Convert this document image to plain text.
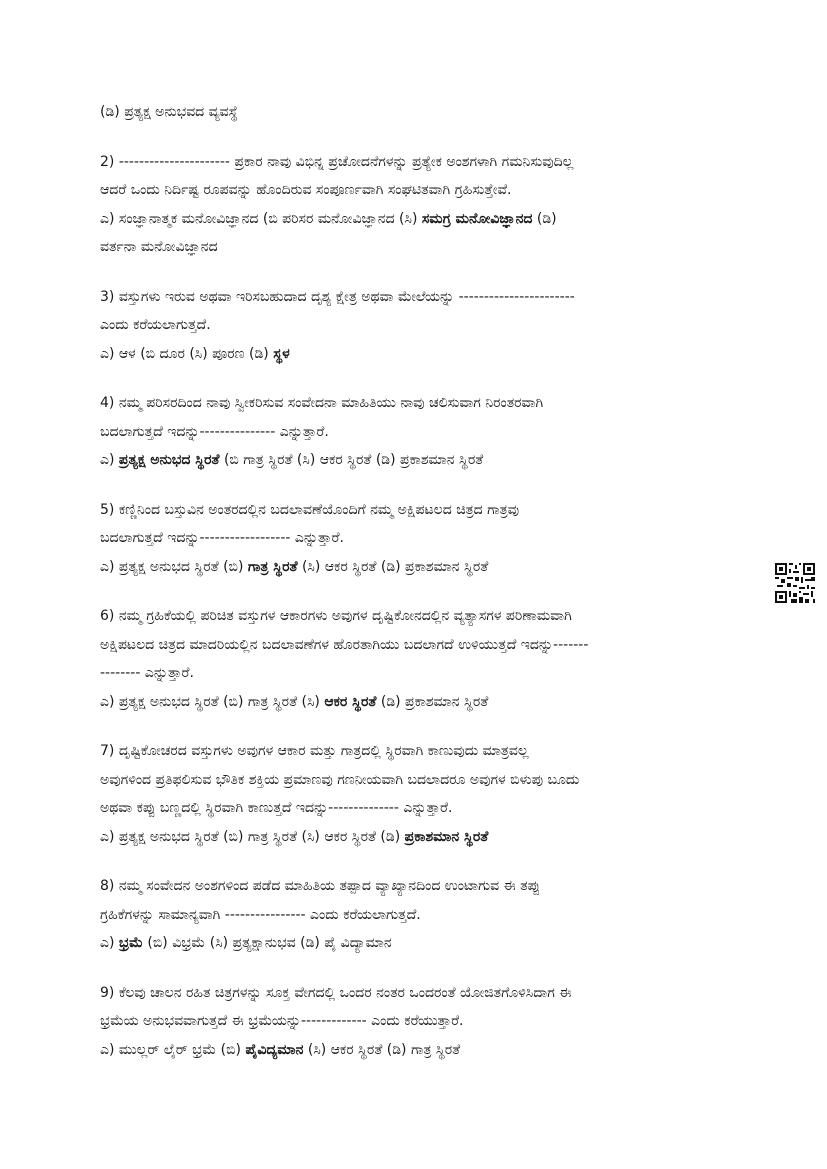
(ಡಿ) ಪ್ರತ್ಯಕ್ಷ ಅನುಭವದ ವ್ಯವಸ್ಥೆ
2) ---------------------- ಪ್ರಕಾರ ನಾವು ವಿಭಿನ್ನ ಪ್ರಚೋದನೆಗಳನ್ನು ಪ್ರತ್ಯೇಕ ಅಂಶಗಳಾಗಿ ಗಮನಿಸುವುದಿಲ್ಲ
ಆದರೆ ಒಂದು ನಿರ್ದಿಷ್ಟ ರೂಪವನ್ನು ಹೊಂದಿರುವ ಸಂಪೂರ್ಣವಾಗಿ ಸಂಘಟಿತವಾಗಿ ಗ್ರಹಿಸುತ್ತೇವೆ.
ಎ) ಸಂಜ್ಞಾನಾತ್ಮಕ ಮನೋವಿಜ್ಞಾನದ (ಬಿ ಪರಿಸರ ಮನೋವಿಜ್ಞಾನದ (ಸಿ) ಸಮಗ್ರ ಮನೋವಿಜ್ಞಾನದ (ಡಿ)
ವರ್ತನಾ ಮನೋವಿಜ್ಞಾನದ
3) ವಸ್ತುಗಳು ಇರುವ ಅಥವಾ ಇರಿಸಬಹುದಾದ ದೃಶ್ಯ ಕ್ಷೇತ್ರ ಅಥವಾ ಮೇಲೆಯನ್ನು -----------------------
ಎಂದು ಕರೆಯಲಾಗುತ್ತದೆ.
ಎ) ಆಳ (ಬಿ ದೂರ (ಸಿ) ಪೂರಣ (ಡಿ) ಸ್ಥಳ
4) ನಮ್ಮ ಪರಿಸರದಿಂದ ನಾವು ಸ್ವೀಕರಿಸುವ ಸಂವೇದನಾ ಮಾಹಿತಿಯು ನಾವು ಚಲಿಸುವಾಗ ನಿರಂತರವಾಗಿ
ಬದಲಾಗುತ್ತದೆ ಇದನ್ನು--------------- ಎನ್ನುತ್ತಾರೆ.
ಎ) ಪ್ರತ್ಯಕ್ಷ ಅನುಭದ ಸ್ಥಿರತೆ (ಬಿ ಗಾತ್ರ ಸ್ಥಿರತೆ (ಸಿ) ಆಕರ ಸ್ಥಿರತೆ (ಡಿ) ಪ್ರಕಾಶಮಾನ ಸ್ಥಿರತೆ
5) ಕಣ್ಣಿನಿಂದ ಬಸ್ತುವಿನ ಅಂತರದಲ್ಲಿನ ಬದಲಾವಣೆಯೊಂದಿಗೆ ನಮ್ಮ ಅಕ್ಷಿಪಟಲದ ಚಿತ್ರದ ಗಾತ್ರವು
ಬದಲಾಗುತ್ತದೆ ಇದನ್ನು------------------ ಎನ್ನುತ್ತಾರೆ.
ಎ) ಪ್ರತ್ಯಕ್ಷ ಅನುಭದ ಸ್ಥಿರತೆ (ಬಿ) ಗಾತ್ರ ಸ್ಥಿರತೆ (ಸಿ) ಆಕರ ಸ್ಥಿರತೆ (ಡಿ) ಪ್ರಕಾಶಮಾನ ಸ್ಥಿರತೆ
6) ನಮ್ಮ ಗ್ರಹಿಕೆಯಲ್ಲಿ ಪರಿಚಿತ ವಸ್ತುಗಳ ಆಕಾರಗಳು ಅವುಗಳ ದೃಷ್ಟಿಕೋನದಲ್ಲಿನ ವ್ಯತ್ಯಾಸಗಳ ಪರಿಣಾಮವಾಗಿ
ಅಕ್ಷಿಪಟಲದ ಚಿತ್ರದ ಮಾದರಿಯಲ್ಲಿನ ಬದಲಾವಣೆಗಳ ಹೊರತಾಗಿಯು ಬದಲಾಗದೆ ಉಳಿಯುತ್ತದೆ ಇದನ್ನು-------
-------- ಎನ್ನುತ್ತಾರೆ.
ಎ) ಪ್ರತ್ಯಕ್ಷ ಅನುಭದ ಸ್ಥಿರತೆ (ಬಿ) ಗಾತ್ರ ಸ್ಥಿರತೆ (ಸಿ) ಆಕರ ಸ್ಥಿರತೆ (ಡಿ) ಪ್ರಕಾಶಮಾನ ಸ್ಥಿರತೆ
7) ದೃಷ್ಟಿಕೋಚರದ ವಸ್ತುಗಳು ಅವುಗಳ ಆಕಾರ ಮತ್ತು ಗಾತ್ರದಲ್ಲಿ ಸ್ಥಿರವಾಗಿ ಕಾಣುವುದು ಮಾತ್ರವಲ್ಲ
ಅವುಗಳಿಂದ ಪ್ರತಿಫಲಿಸುವ ಭೌತಿಕ ಶಕ್ತಿಯ ಪ್ರಮಾಣವು ಗಣನೀಯವಾಗಿ ಬದಲಾದರೂ ಅವುಗಳ ಬಿಳುಪು ಬೂದು
ಅಥವಾ ಕಪ್ಪು ಬಣ್ಣದಲ್ಲಿ ಸ್ಥಿರವಾಗಿ ಕಾಣುತ್ತದೆ ಇದನ್ನು-------------- ಎನ್ನುತ್ತಾರೆ.
ಎ) ಪ್ರತ್ಯಕ್ಷ ಅನುಭದ ಸ್ಥಿರತೆ (ಬಿ) ಗಾತ್ರ ಸ್ಥಿರತೆ (ಸಿ) ಆಕರ ಸ್ಥಿರತೆ (ಡಿ) ಪ್ರಕಾಶಮಾನ ಸ್ಥಿರತೆ
8) ನಮ್ಮ ಸಂವೇದನ ಅಂಶಗಳಿಂದ ಪಡೆದ ಮಾಹಿತಿಯ ತಪ್ಪಾದ ವ್ಯಾಖ್ಯಾನದಿಂದ ಉಂಟಾಗುವ ಈ ತಪ್ಪು
ಗ್ರಹಿಕೆಗಳನ್ನು ಸಾಮಾನ್ಯವಾಗಿ ---------------- ಎಂದು ಕರೆಯಲಾಗುತ್ತದೆ.
ಎ) ಭ್ರಮೆ (ಬಿ) ವಿಭ್ರಮೆ (ಸಿ) ಪ್ರತ್ಯಕ್ಷಾನುಭವ (ಡಿ) ಪೈ ವಿದ್ಯಾಮಾನ
9) ಕೆಲವು ಚಾಲನ ರಹಿತ ಚಿತ್ರಗಳನ್ನು ಸೂಕ್ತ ವೇಗದಲ್ಲಿ ಒಂದರ ನಂತರ ಒಂದರಂತೆ ಯೋಜಿತಗೊಳಿಸಿದಾಗ ಈ
ಭ್ರಮೆಯ ಅನುಭವವಾಗುತ್ತದೆ ಈ ಭ್ರಮೆಯನ್ನು------------- ಎಂದು ಕರೆಯುತ್ತಾರೆ.
ಎ) ಮುಲ್ಲರ್ ಲೈರ್ ಭ್ರಮೆ (ಬಿ) ಪೈವಿದ್ಯಮಾನ (ಸಿ) ಆಕರ ಸ್ಥಿರತೆ (ಡಿ) ಗಾತ್ರ ಸ್ಥಿರತೆ
